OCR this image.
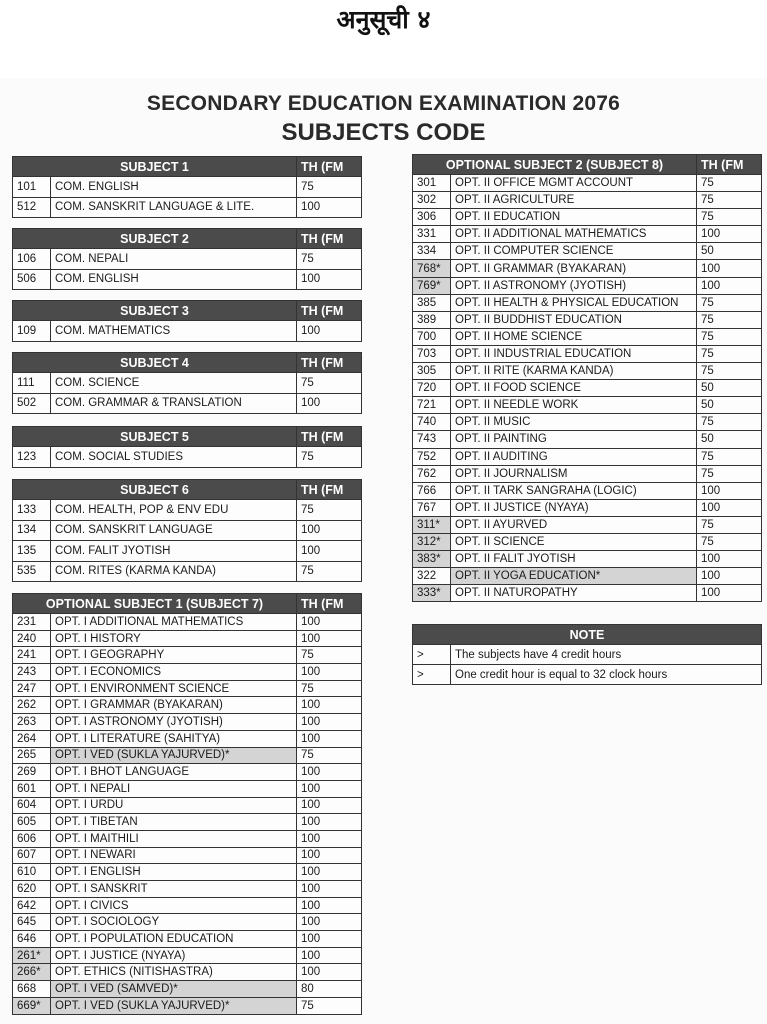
अनुसूची ४
SECONDARY EDUCATION EXAMINATION 2076
SUBJECTS CODE
SUBJECT 1		TH (FM
101	COM. ENGLISH	75
512	COM. SANSKRIT LANGUAGE & LITE.	100
SUBJECT 2		TH (FM
106	COM. NEPALI	75
506	COM. ENGLISH	100
SUBJECT 3		TH (FM
109	COM. MATHEMATICS	100
SUBJECT 4		TH (FM
111	COM. SCIENCE	75
502	COM. GRAMMAR & TRANSLATION	100
SUBJECT 5		TH (FM
123	COM. SOCIAL STUDIES	75
SUBJECT 6		TH (FM
133	COM. HEALTH, POP & ENV EDU	75
134	COM. SANSKRIT LANGUAGE	100
135	COM. FALIT JYOTISH	100
535	COM. RITES (KARMA KANDA)	75
OPTIONAL SUBJECT 1 (SUBJECT 7)		TH (FM
231	OPT. I ADDITIONAL MATHEMATICS	100
240	OPT. I HISTORY	100
241	OPT. I GEOGRAPHY	75
243	OPT. I ECONOMICS	100
247	OPT. I ENVIRONMENT SCIENCE	75
262	OPT. I GRAMMAR (BYAKARAN)	100
263	OPT. I ASTRONOMY (JYOTISH)	100
264	OPT. I LITERATURE (SAHITYA)	100
265	OPT. I VED (SUKLA YAJURVED)*	75
269	OPT. I BHOT LANGUAGE	100
601	OPT. I NEPALI	100
604	OPT. I URDU	100
605	OPT. I TIBETAN	100
606	OPT. I MAITHILI	100
607	OPT. I NEWARI	100
610	OPT. I ENGLISH	100
620	OPT. I SANSKRIT	100
642	OPT. I CIVICS	100
645	OPT. I SOCIOLOGY	100
646	OPT. I POPULATION EDUCATION	100
261*	OPT. I JUSTICE (NYAYA)	100
266*	OPT. ETHICS (NITISHASTRA)	100
668	OPT. I VED (SAMVED)*	80
669*	OPT. I VED (SUKLA YAJURVED)*	75
OPTIONAL SUBJECT 2 (SUBJECT 8)		TH (FM
301	OPT. II OFFICE MGMT ACCOUNT	75
302	OPT. II AGRICULTURE	75
306	OPT. II EDUCATION	75
331	OPT. II ADDITIONAL MATHEMATICS	100
334	OPT. II COMPUTER SCIENCE	50
768*	OPT. II GRAMMAR (BYAKARAN)	100
769*	OPT. II ASTRONOMY (JYOTISH)	100
385	OPT. II HEALTH & PHYSICAL EDUCATION	75
389	OPT. II BUDDHIST EDUCATION	75
700	OPT. II HOME SCIENCE	75
703	OPT. II INDUSTRIAL EDUCATION	75
305	OPT. II RITE (KARMA KANDA)	75
720	OPT. II FOOD SCIENCE	50
721	OPT. II NEEDLE WORK	50
740	OPT. II MUSIC	75
743	OPT. II PAINTING	50
752	OPT. II AUDITING	75
762	OPT. II JOURNALISM	75
766	OPT. II TARK SANGRAHA (LOGIC)	100
767	OPT. II JUSTICE (NYAYA)	100
311*	OPT. II AYURVED	75
312*	OPT. II SCIENCE	75
383*	OPT. II FALIT JYOTISH	100
322	OPT. II YOGA EDUCATION*	100
333*	OPT. II NATUROPATHY	100
NOTE	
>	The subjects have 4 credit hours
>	One credit hour is equal to 32 clock hours
